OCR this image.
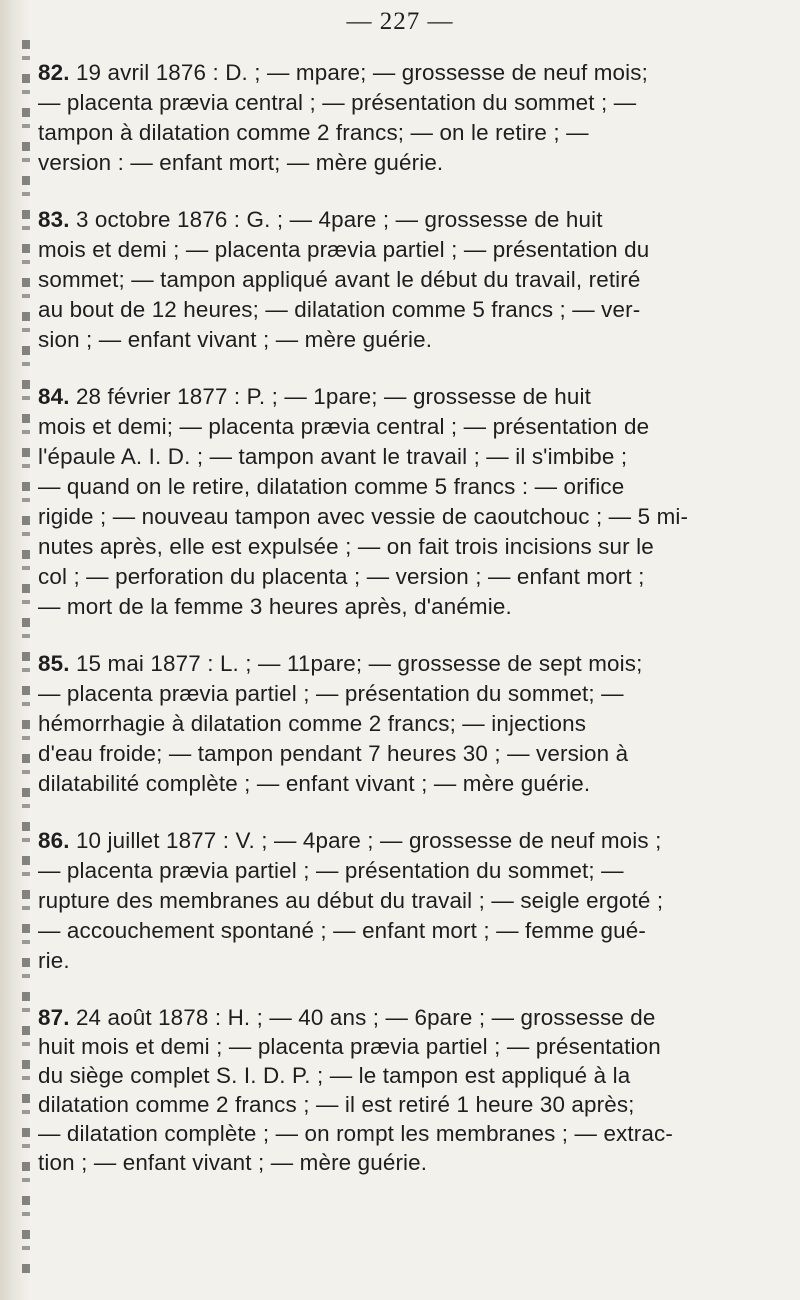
— 227 —

82. 19 avril 1876 : D. ; — mpare; — grossesse de neuf mois;

— placenta prævia central ; — présentation du sommet ; —

tampon à dilatation comme 2 francs; — on le retire ; —

version : — enfant mort; — mère guérie.

83. 3 octobre 1876 : G. ; — 4pare ; — grossesse de huit

mois et demi ; — placenta prævia partiel ; — présentation du

sommet; — tampon appliqué avant le début du travail, retiré

au bout de 12 heures; — dilatation comme 5 francs ; — ver-

sion ; — enfant vivant ; — mère guérie.

84. 28 février 1877 : P. ; — 1pare; — grossesse de huit

mois et demi; — placenta prævia central ; — présentation de

l'épaule A. I. D. ; — tampon avant le travail ; — il s'imbibe ;

— quand on le retire, dilatation comme 5 francs : — orifice

rigide ; — nouveau tampon avec vessie de caoutchouc ; — 5 mi-

nutes après, elle est expulsée ; — on fait trois incisions sur le

col ; — perforation du placenta ; — version ; — enfant mort ;

— mort de la femme 3 heures après, d'anémie.

85. 15 mai 1877 : L. ; — 11pare; — grossesse de sept mois;

— placenta prævia partiel ; — présentation du sommet; —

hémorrhagie à dilatation comme 2 francs; — injections

d'eau froide; — tampon pendant 7 heures 30 ; — version à

dilatabilité complète ; — enfant vivant ; — mère guérie.

86. 10 juillet 1877 : V. ; — 4pare ; — grossesse de neuf mois ;

— placenta prævia partiel ; — présentation du sommet; —

rupture des membranes au début du travail ; — seigle ergoté ;

— accouchement spontané ; — enfant mort ; — femme gué-

rie.

87. 24 août 1878 : H. ; — 40 ans ; — 6pare ; — grossesse de

huit mois et demi ; — placenta prævia partiel ; — présentation

du siège complet S. I. D. P. ; — le tampon est appliqué à la

dilatation comme 2 francs ; — il est retiré 1 heure 30 après;

— dilatation complète ; — on rompt les membranes ; — extrac-

tion ; — enfant vivant ; — mère guérie.
